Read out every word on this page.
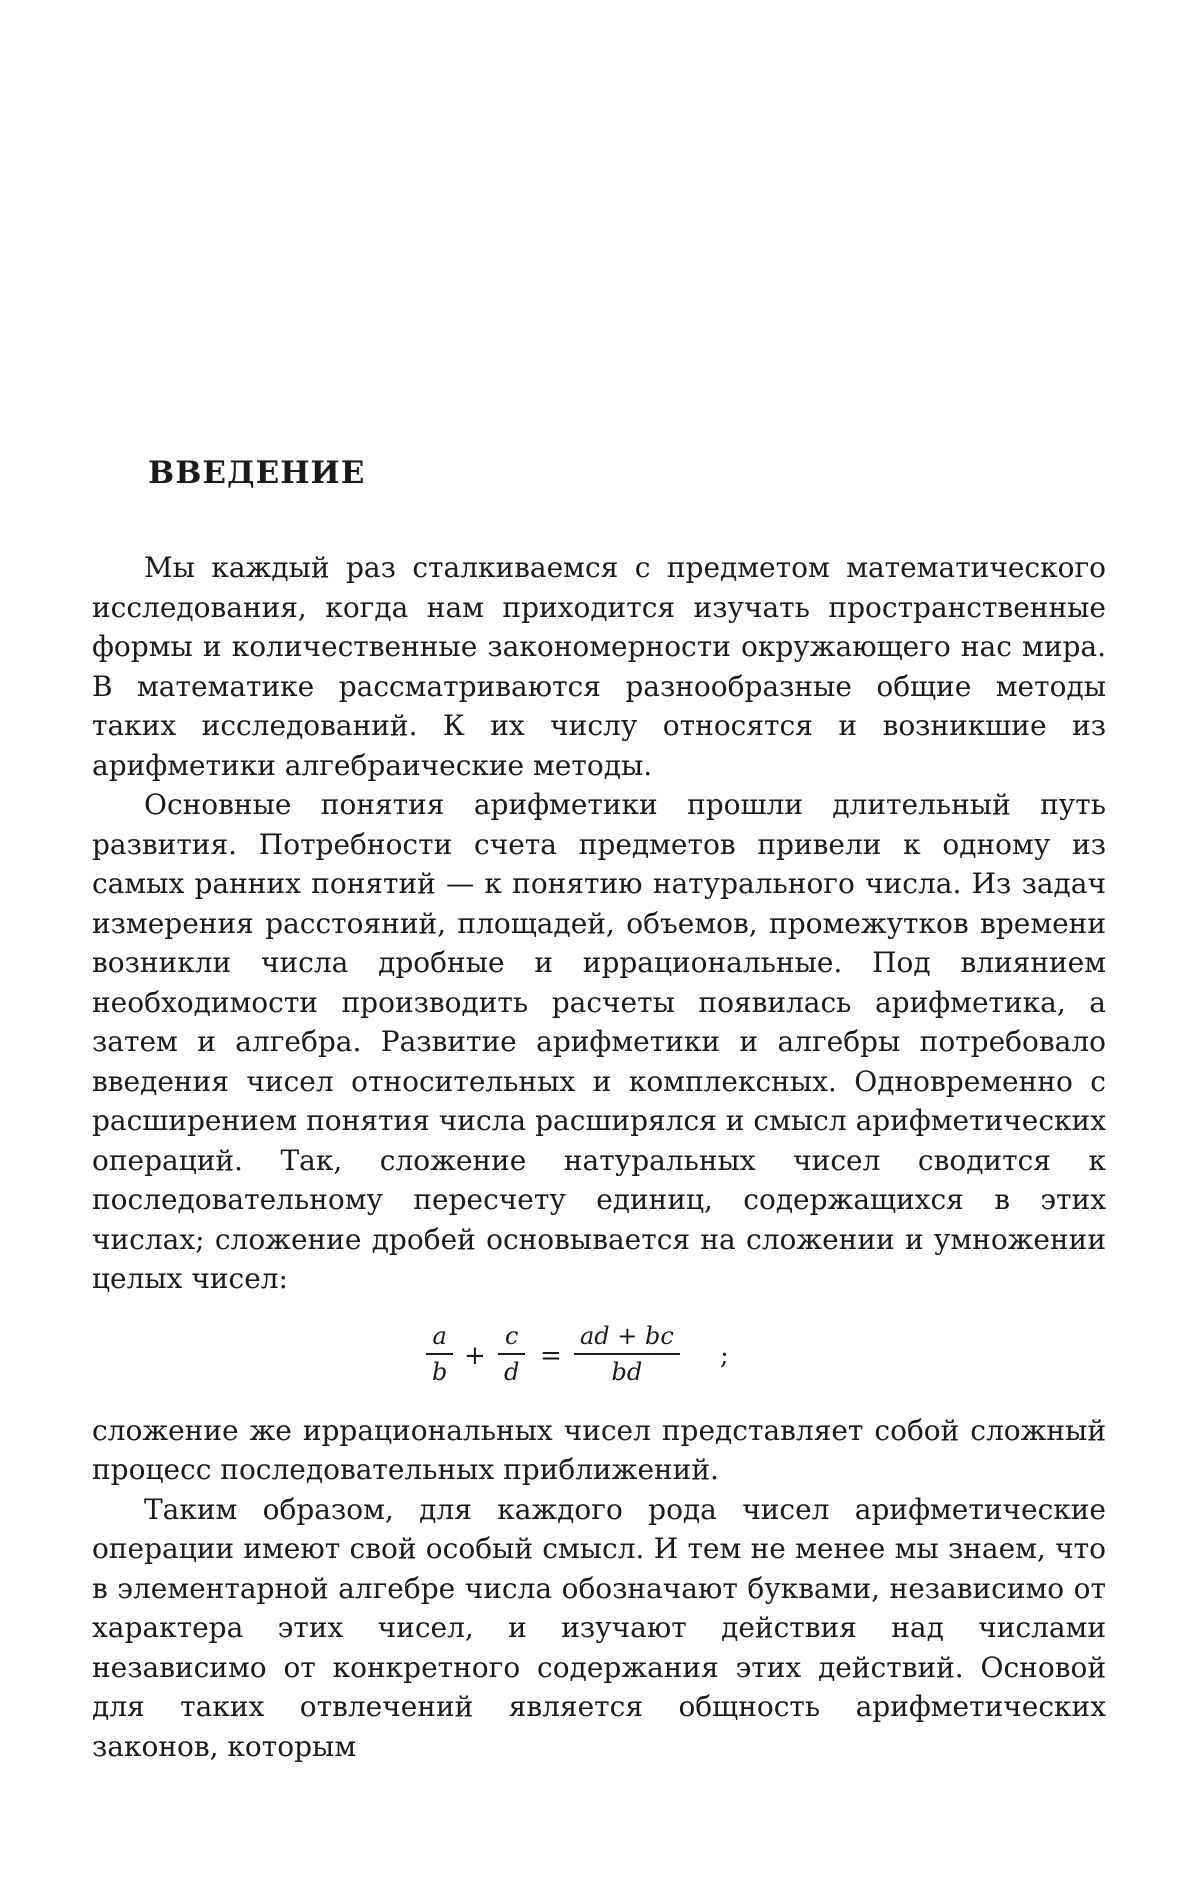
ВВЕДЕНИЕ

Мы каждый раз сталкиваемся с предметом математического исследования, когда нам приходится изучать пространственные формы и количественные закономерности окружающего нас мира. В математике рассматриваются разнообразные общие методы таких исследований. К их числу относятся и возникшие из арифметики алгебраические методы.

Основные понятия арифметики прошли длительный путь развития. Потребности счета предметов привели к одному из самых ранних понятий — к понятию натурального числа. Из задач измерения расстояний, площадей, объемов, промежутков времени возникли числа дробные и иррациональные. Под влиянием необходимости производить расчеты появилась арифметика, а затем и алгебра. Развитие арифметики и алгебры потребовало введения чисел относительных и комплексных. Одновременно с расширением понятия числа расширялся и смысл арифметических операций. Так, сложение натуральных чисел сводится к последовательному пересчету единиц, содержащихся в этих числах; сложение дробей основывается на сложении и умножении целых чисел:

a
b
+
c
d
=
ad + bc
bd
;

сложение же иррациональных чисел представляет собой сложный процесс последовательных приближений.

Таким образом, для каждого рода чисел арифметические операции имеют свой особый смысл. И тем не менее мы знаем, что в элементарной алгебре числа обозначают буквами, независимо от характера этих чисел, и изучают действия над числами независимо от конкретного содержания этих действий. Основой для таких отвлечений является общность арифметических законов, которым
